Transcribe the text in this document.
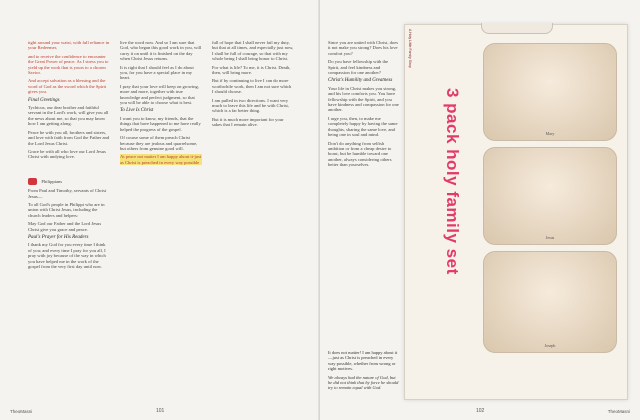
tight around your waist, with full reliance in your Redeemer,

and to receive the confidence to encounter the Great Power of peace. As I stress you to yield up the work that is yours to a chosen Savior.

And accept salvation as a blessing and the word of God as the sword which the Spirit gives you.

Final Greetings

Tychicus, our dear brother and faithful servant in the Lord's work, will give you all the news about me, so that you may know how I am getting along.

Peace be with you all, brothers and sisters, and love with faith from God the Father and the Lord Jesus Christ.

Grace be with all who love our Lord Jesus Christ with undying love.

Philippians

From Paul and Timothy, servants of Christ Jesus—

To all God's people in Philippi who are in union with Christ Jesus, including the church leaders and helpers:

May God our Father and the Lord Jesus Christ give you grace and peace.

Paul's Prayer for His Readers

I thank my God for you every time I think of you; and every time I pray for you all, I pray with joy because of the way in which you have helped me in the work of the gospel from the very first day until now.

live the word now. And so I am sure that God, who began this good work in you, will carry it on until it is finished on the day when Christ Jesus returns.

It is right that I should feel as I do about you, for you have a special place in my heart.

I pray that your love will keep on growing, more and more, together with true knowledge and perfect judgment, so that you will be able to choose what is best.

To Live Is Christ

I want you to know, my friends, that the things that have happened to me have really helped the progress of the gospel.

Of course some of them preach Christ because they are jealous and quarrelsome, but others from genuine good will.

At peace not matter I am happy about it-just as Christ is preached in every way possible

full of hope that I shall never fail my duty, but that at all times, and especially just now, I shall be full of courage, so that with my whole being I shall bring honor to Christ.

For what is life? To me, it is Christ. Death, then, will bring more.

But if by continuing to live I can do more worthwhile work, then I am not sure which I should choose.

I am pulled in two directions. I want very much to leave this life and be with Christ, which is a far better thing.

But it is much more important for your sakes that I remain alive.

TheoMasni	101

Since you are united with Christ, does it not make you strong? Does his love comfort you?

Do you have fellowship with the Spirit, and feel kindness and compassion for one another?

Christ's Humility and Greatness

Your life in Christ makes you strong, and his love comforts you. You have fellowship with the Spirit, and you have kindness and compassion for one another.

I urge you, then, to make me completely happy by having the same thoughts, sharing the same love, and being one in soul and mind.

Don't do anything from selfish ambition or from a cheap desire to boast, but be humble toward one another, always considering others better than yourselves.

TheoMasni
102
A Holy Little Family Shop
Mary
Jesus
Joseph
3 pack holy family set
It does not matter! I am happy about it—just as Christ is preached in every way possible, whether from wrong or right motives.
We always had the nature of God, but he did not think that by force he should try to remain equal with God.
